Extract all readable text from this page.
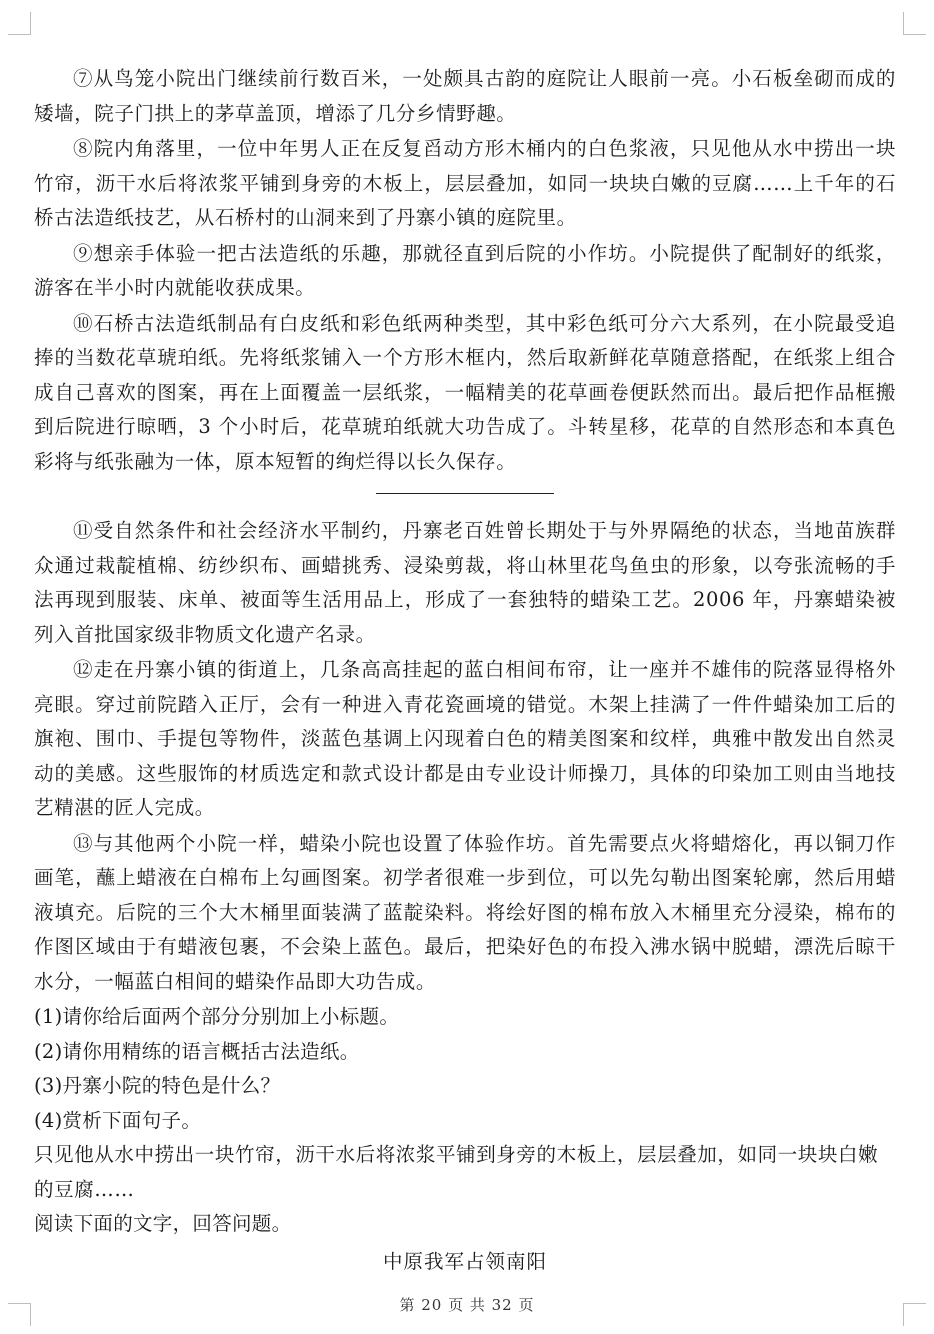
⑦从鸟笼小院出门继续前行数百米，一处颇具古韵的庭院让人眼前一亮。小石板垒砌而成的矮墙，院子门拱上的茅草盖顶，增添了几分乡情野趣。

⑧院内角落里，一位中年男人正在反复舀动方形木桶内的白色浆液，只见他从水中捞出一块竹帘，沥干水后将浓浆平铺到身旁的木板上，层层叠加，如同一块块白嫩的豆腐……上千年的石桥古法造纸技艺，从石桥村的山洞来到了丹寨小镇的庭院里。

⑨想亲手体验一把古法造纸的乐趣，那就径直到后院的小作坊。小院提供了配制好的纸浆，游客在半小时内就能收获成果。

⑩石桥古法造纸制品有白皮纸和彩色纸两种类型，其中彩色纸可分六大系列，在小院最受追捧的当数花草琥珀纸。先将纸浆铺入一个方形木框内，然后取新鲜花草随意搭配，在纸浆上组合成自己喜欢的图案，再在上面覆盖一层纸浆，一幅精美的花草画卷便跃然而出。最后把作品框搬到后院进行晾晒，3 个小时后，花草琥珀纸就大功告成了。斗转星移，花草的自然形态和本真色彩将与纸张融为一体，原本短暂的绚烂得以长久保存。

⑪受自然条件和社会经济水平制约，丹寨老百姓曾长期处于与外界隔绝的状态，当地苗族群众通过栽靛植棉、纺纱织布、画蜡挑秀、浸染剪裁，将山林里花鸟鱼虫的形象，以夸张流畅的手法再现到服装、床单、被面等生活用品上，形成了一套独特的蜡染工艺。2006 年，丹寨蜡染被列入首批国家级非物质文化遗产名录。

⑫走在丹寨小镇的街道上，几条高高挂起的蓝白相间布帘，让一座并不雄伟的院落显得格外亮眼。穿过前院踏入正厅，会有一种进入青花瓷画境的错觉。木架上挂满了一件件蜡染加工后的旗袍、围巾、手提包等物件，淡蓝色基调上闪现着白色的精美图案和纹样，典雅中散发出自然灵动的美感。这些服饰的材质选定和款式设计都是由专业设计师操刀，具体的印染加工则由当地技艺精湛的匠人完成。

⑬与其他两个小院一样，蜡染小院也设置了体验作坊。首先需要点火将蜡熔化，再以铜刀作画笔，蘸上蜡液在白棉布上勾画图案。初学者很难一步到位，可以先勾勒出图案轮廓，然后用蜡液填充。后院的三个大木桶里面装满了蓝靛染料。将绘好图的棉布放入木桶里充分浸染，棉布的作图区域由于有蜡液包裹，不会染上蓝色。最后，把染好色的布投入沸水锅中脱蜡，漂洗后晾干水分，一幅蓝白相间的蜡染作品即大功告成。

(1)请你给后面两个部分分别加上小标题。

(2)请你用精练的语言概括古法造纸。

(3)丹寨小院的特色是什么？

(4)赏析下面句子。

只见他从水中捞出一块竹帘，沥干水后将浓浆平铺到身旁的木板上，层层叠加，如同一块块白嫩的豆腐……

阅读下面的文字，回答问题。

中原我军占领南阳

第 20 页 共 32 页
